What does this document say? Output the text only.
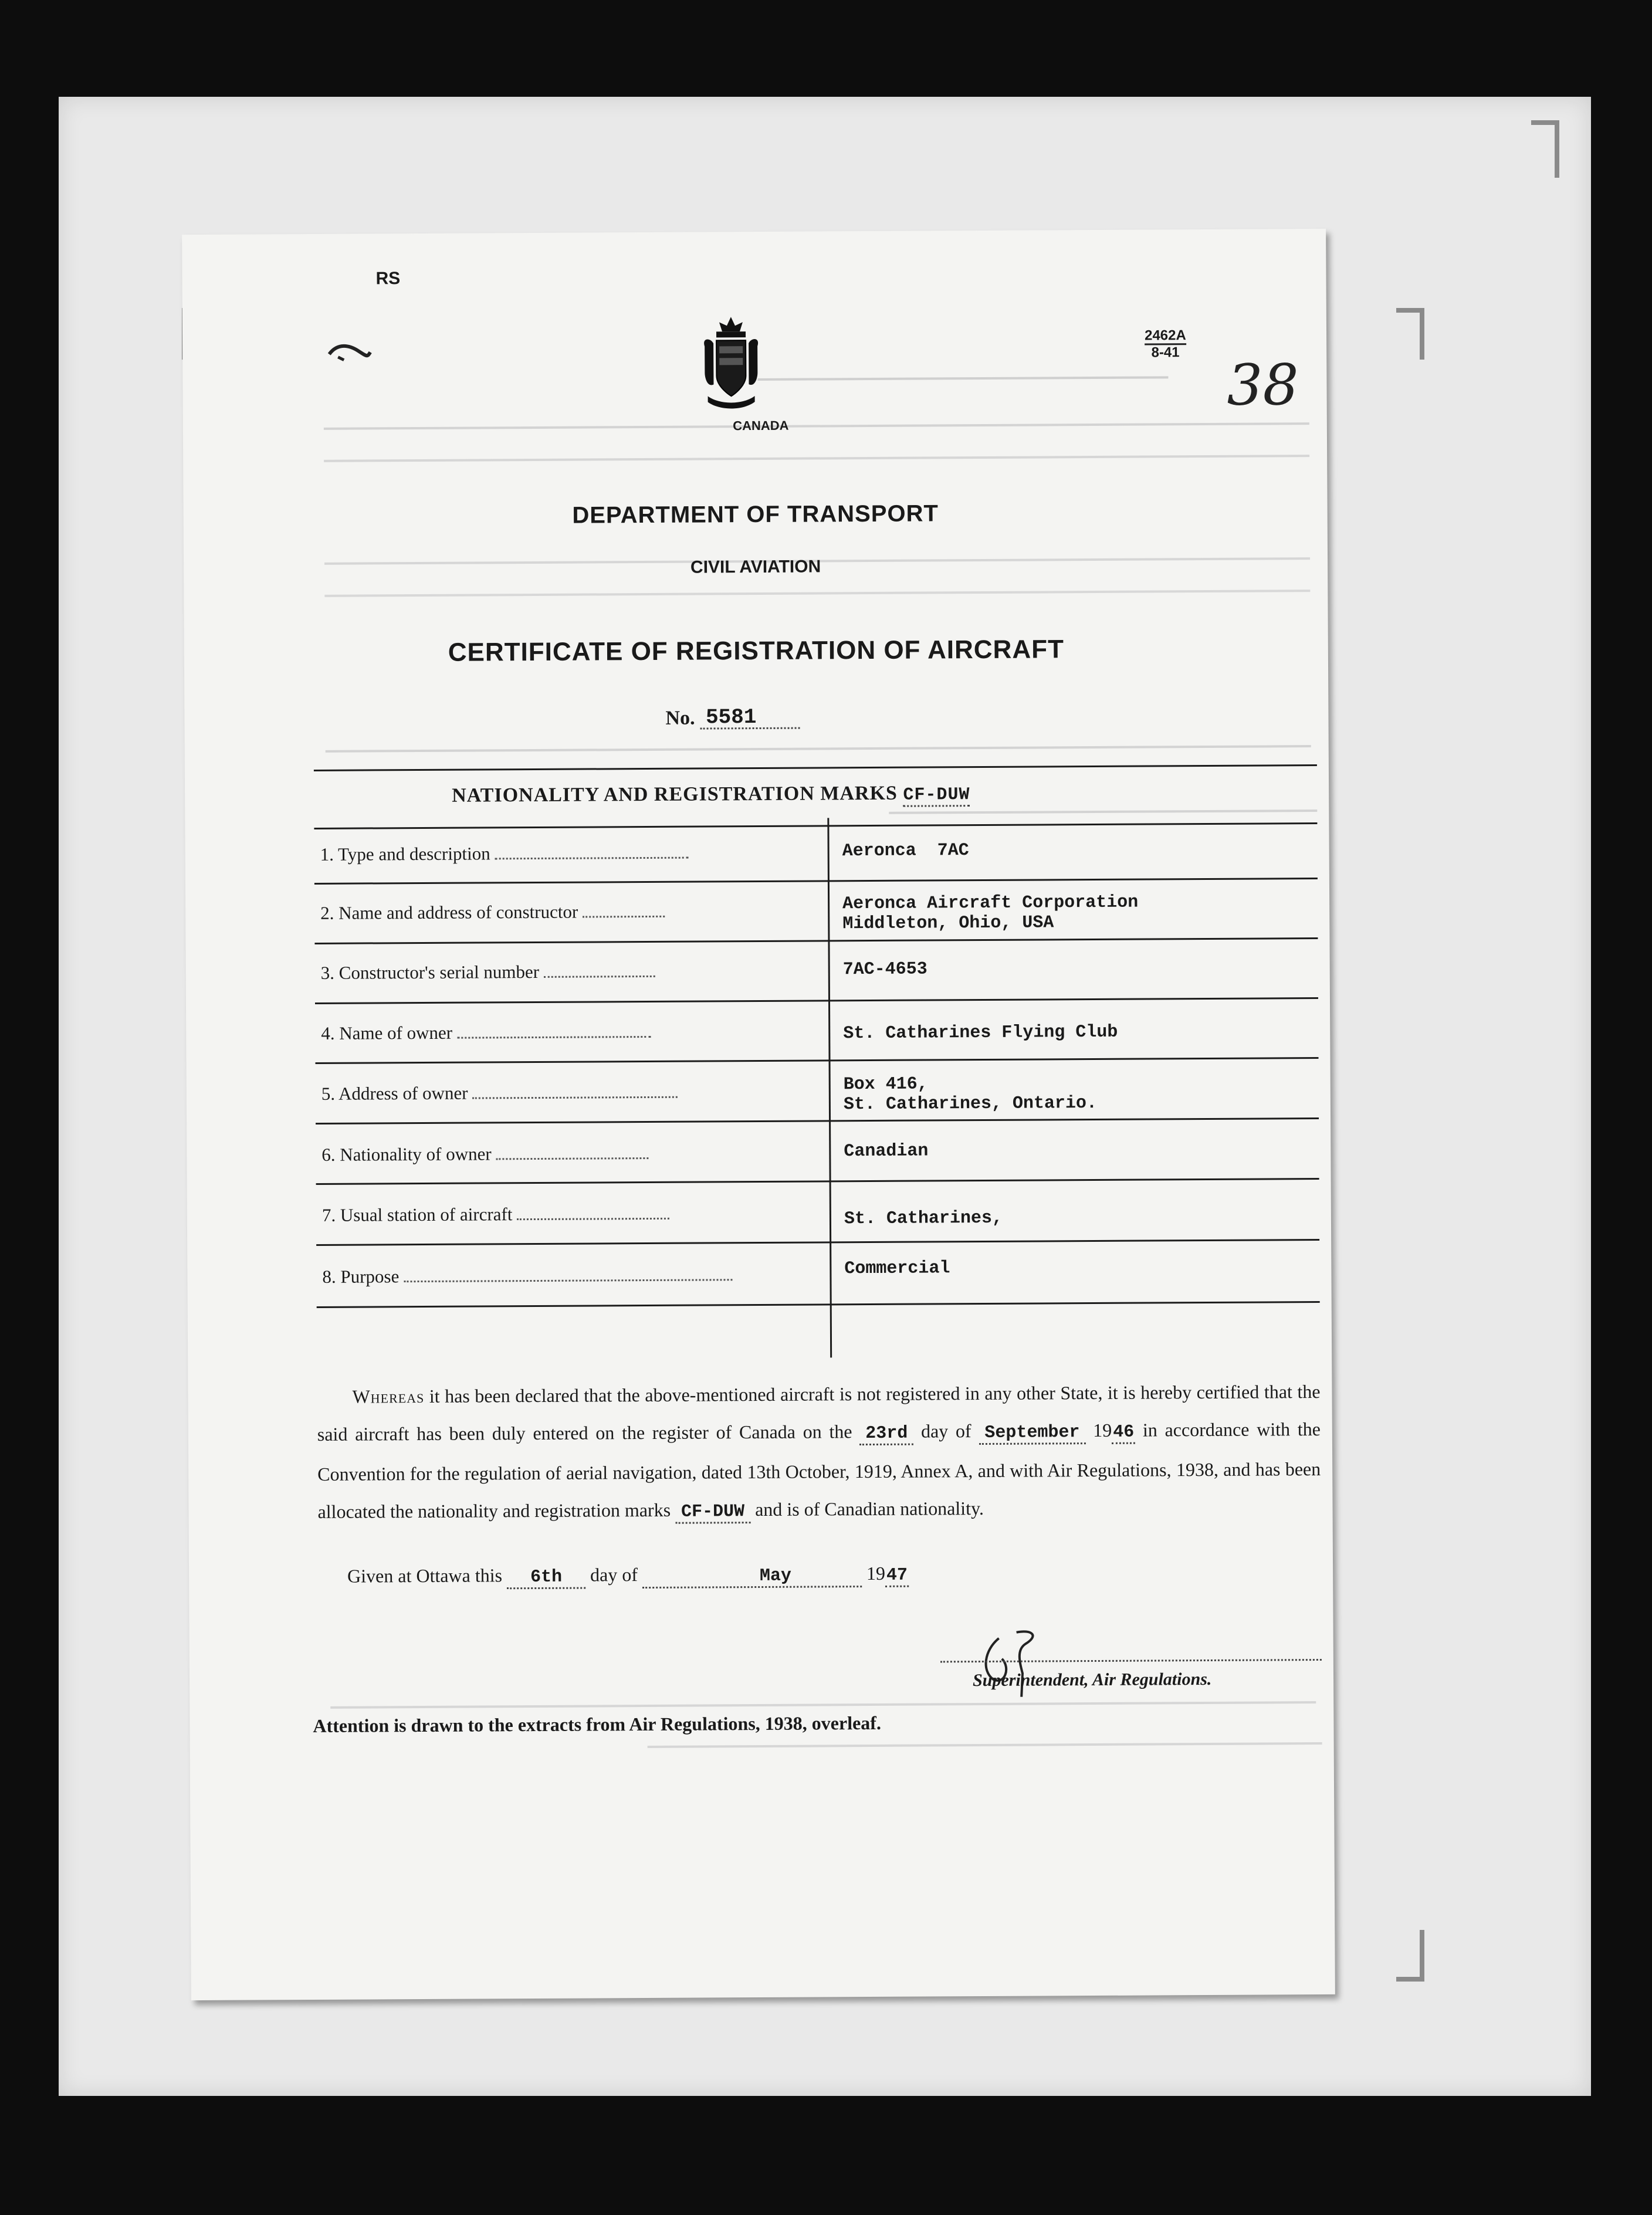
RS
2462A
8-41 38
CANADA
DEPARTMENT OF TRANSPORT
CIVIL AVIATION
CERTIFICATE OF REGISTRATION OF AIRCRAFT
No. 5581
NATIONALITY AND REGISTRATION MARKS CF-DUW
1. Type and description	Aeronca  7AC
2. Name and address of constructor	Aeronca Aircraft Corporation
Middleton, Ohio, USA
3. Constructor's serial number	7AC-4653
4. Name of owner	St. Catharines Flying Club
5. Address of owner	Box 416,
St. Catharines, Ontario.
6. Nationality of owner	Canadian
7. Usual station of aircraft	St. Catharines,
8. Purpose	Commercial

Whereas it has been declared that the above-mentioned aircraft is not registered in any other State, it is hereby certified that the said aircraft has been duly entered on the register of Canada on the 23rd day of September 1946 in accordance with the Convention for the regulation of aerial navigation, dated 13th October, 1919, Annex A, and with Air Regulations, 1938, and has been allocated the nationality and registration marks CF-DUW and is of Canadian nationality.

Given at Ottawa this 6th day of	May	1947
Superintendent, Air Regulations.
Attention is drawn to the extracts from Air Regulations, 1938, overleaf.
